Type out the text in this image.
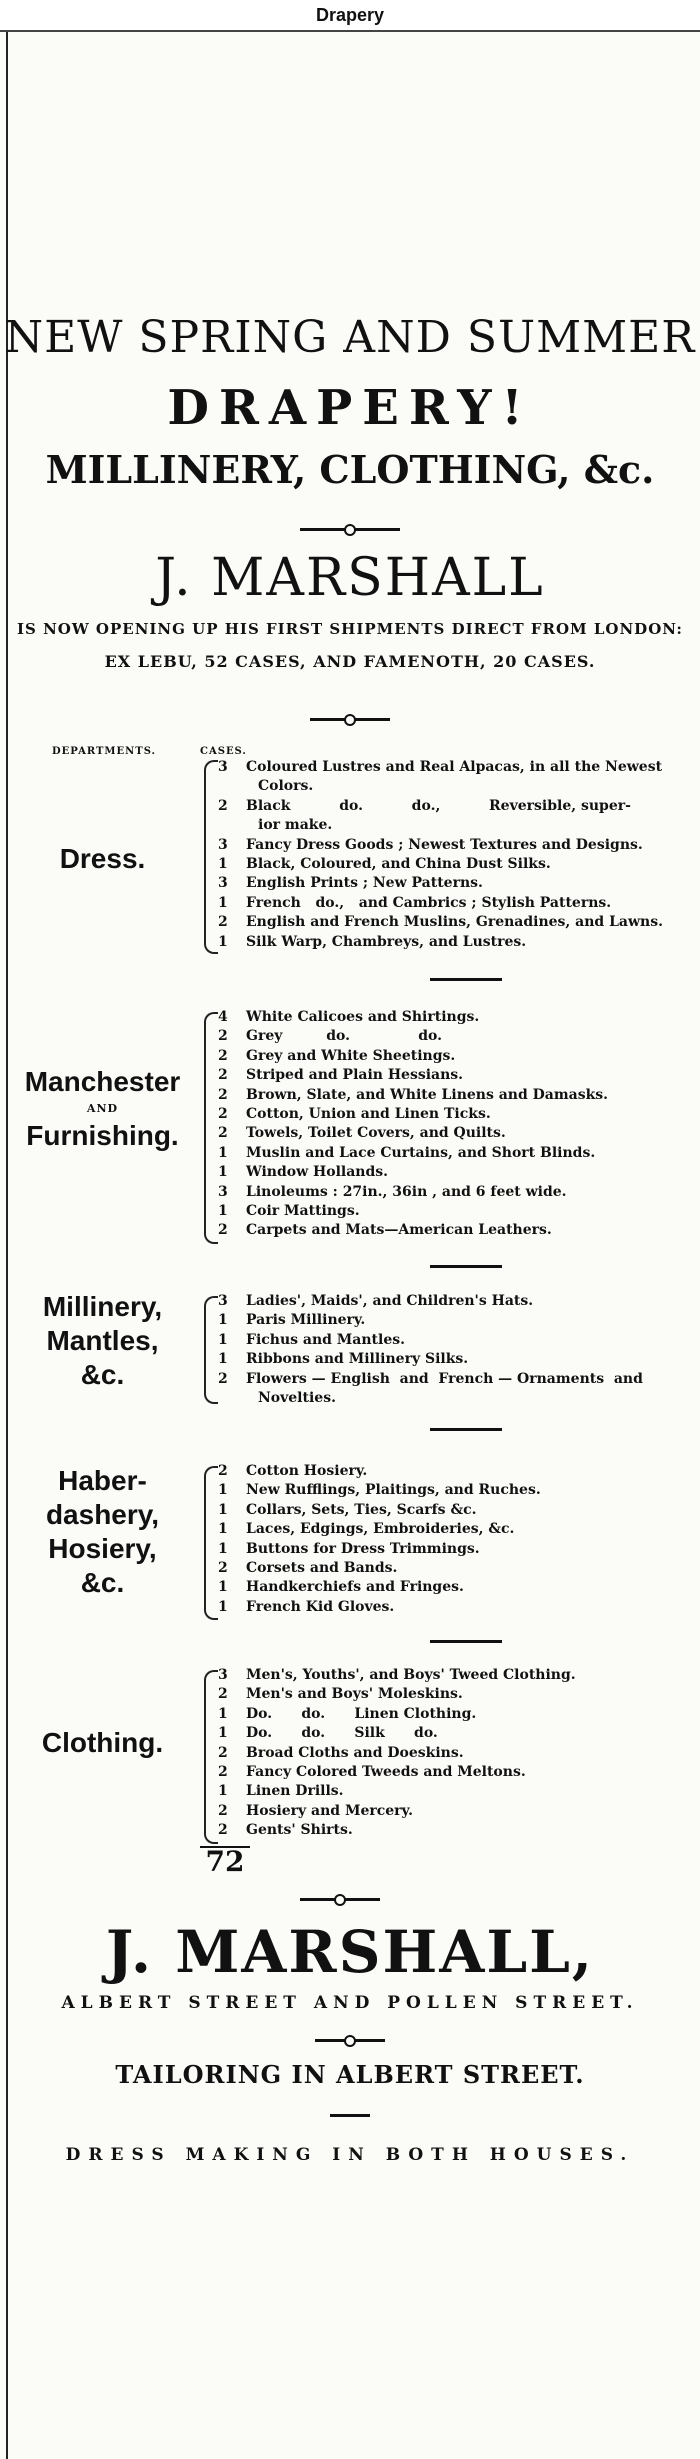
Drapery
NEW SPRING AND SUMMER
DRAPERY!
MILLINERY, CLOTHING, &c.
J. MARSHALL
IS NOW OPENING UP HIS FIRST SHIPMENTS DIRECT FROM LONDON:
EX LEBU, 52 CASES, AND FAMENOTH, 20 CASES.
DEPARTMENTS.	CASES.
Dress.
3	Coloured Lustres and Real Alpacas, in all the Newest
Colors.
2	Black          do.          do.,          Reversible, super-
ior make.
3	Fancy Dress Goods ; Newest Textures and Designs.
1	Black, Coloured, and China Dust Silks.
3	English Prints ; New Patterns.
1	French   do.,   and Cambrics ; Stylish Patterns.
2	English and French Muslins, Grenadines, and Lawns.
1	Silk Warp, Chambreys, and Lustres.
Manchester
AND
Furnishing.
4	White Calicoes and Shirtings.
2	Grey         do.              do.
2	Grey and White Sheetings.
2	Striped and Plain Hessians.
2	Brown, Slate, and White Linens and Damasks.
2	Cotton, Union and Linen Ticks.
2	Towels, Toilet Covers, and Quilts.
1	Muslin and Lace Curtains, and Short Blinds.
1	Window Hollands.
3	Linoleums : 27in., 36in , and 6 feet wide.
1	Coir Mattings.
2	Carpets and Mats—American Leathers.
Millinery,
Mantles,
&c.
3	Ladies', Maids', and Children's Hats.
1	Paris Millinery.
1	Fichus and Mantles.
1	Ribbons and Millinery Silks.
2	Flowers — English  and  French — Ornaments  and
Novelties.
Haber-
dashery,
Hosiery,
&c.
2	Cotton Hosiery.
1	New Rufflings, Plaitings, and Ruches.
1	Collars, Sets, Ties, Scarfs &c.
1	Laces, Edgings, Embroideries, &c.
1	Buttons for Dress Trimmings.
2	Corsets and Bands.
1	Handkerchiefs and Fringes.
1	French Kid Gloves.
Clothing.
3	Men's, Youths', and Boys' Tweed Clothing.
2	Men's and Boys' Moleskins.
1	Do.      do.      Linen Clothing.
1	Do.      do.      Silk      do.
2	Broad Cloths and Doeskins.
2	Fancy Colored Tweeds and Meltons.
1	Linen Drills.
2	Hosiery and Mercery.
2	Gents' Shirts.
72
J. MARSHALL,
ALBERT STREET AND POLLEN STREET.
TAILORING IN ALBERT STREET.
DRESS MAKING IN BOTH HOUSES.
